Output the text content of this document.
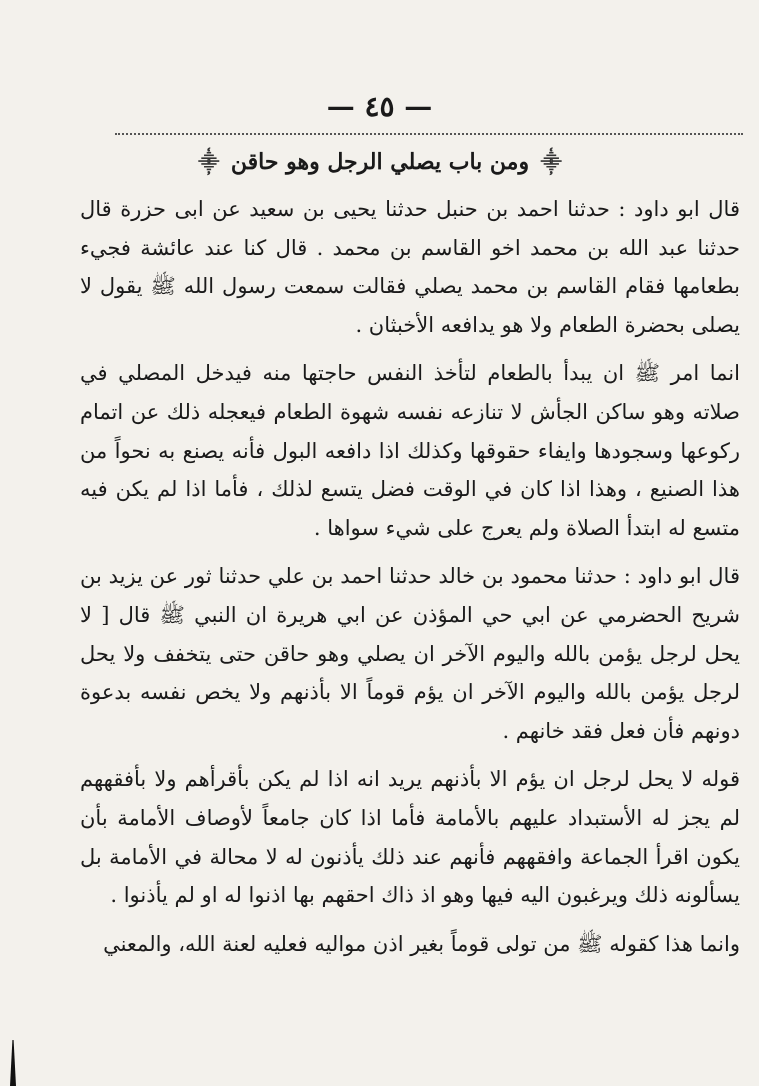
— ٤٥ —
⸎ ومن باب يصلي الرجل وهو حاقن ⸎

قال ابو داود : حدثنا احمد بن حنبل حدثنا يحيى بن سعيد عن ابى حزرة قال حدثنا عبد الله بن محمد اخو القاسم بن محمد . قال كنا عند عائشة فجيء بطعامها فقام القاسم بن محمد يصلي فقالت سمعت رسول الله ﷺ يقول لا يصلى بحضرة الطعام ولا هو يدافعه الأخبثان .

انما امر ﷺ ان يبدأ بالطعام لتأخذ النفس حاجتها منه فيدخل المصلي في صلاته وهو ساكن الجأش لا تنازعه نفسه شهوة الطعام فيعجله ذلك عن اتمام ركوعها وسجودها وايفاء حقوقها وكذلك اذا دافعه البول فأنه يصنع به نحواً من هذا الصنيع ، وهذا اذا كان في الوقت فضل يتسع لذلك ، فأما اذا لم يكن فيه متسع له ابتدأ الصلاة ولم يعرج على شيء سواها .

قال ابو داود : حدثنا محمود بن خالد حدثنا احمد بن علي حدثنا ثور عن يزيد بن شريح الحضرمي عن ابي حي المؤذن عن ابي هريرة ان النبي ﷺ قال [ لا يحل لرجل يؤمن بالله واليوم الآخر ان يصلي وهو حاقن حتى يتخفف ولا يحل لرجل يؤمن بالله واليوم الآخر ان يؤم قوماً الا بأذنهم ولا يخص نفسه بدعوة دونهم فأن فعل فقد خانهم .

قوله لا يحل لرجل ان يؤم الا بأذنهم يريد انه اذا لم يكن بأقرأهم ولا بأفقههم لم يجز له الأستبداد عليهم بالأمامة فأما اذا كان جامعاً لأوصاف الأمامة بأن يكون اقرأ الجماعة وافقههم فأنهم عند ذلك يأذنون له لا محالة في الأمامة بل يسألونه ذلك ويرغبون اليه فيها وهو اذ ذاك احقهم بها اذنوا له او لم يأذنوا .

وانما هذا كقوله ﷺ من تولى قوماً بغير اذن مواليه فعليه لعنة الله، والمعني
